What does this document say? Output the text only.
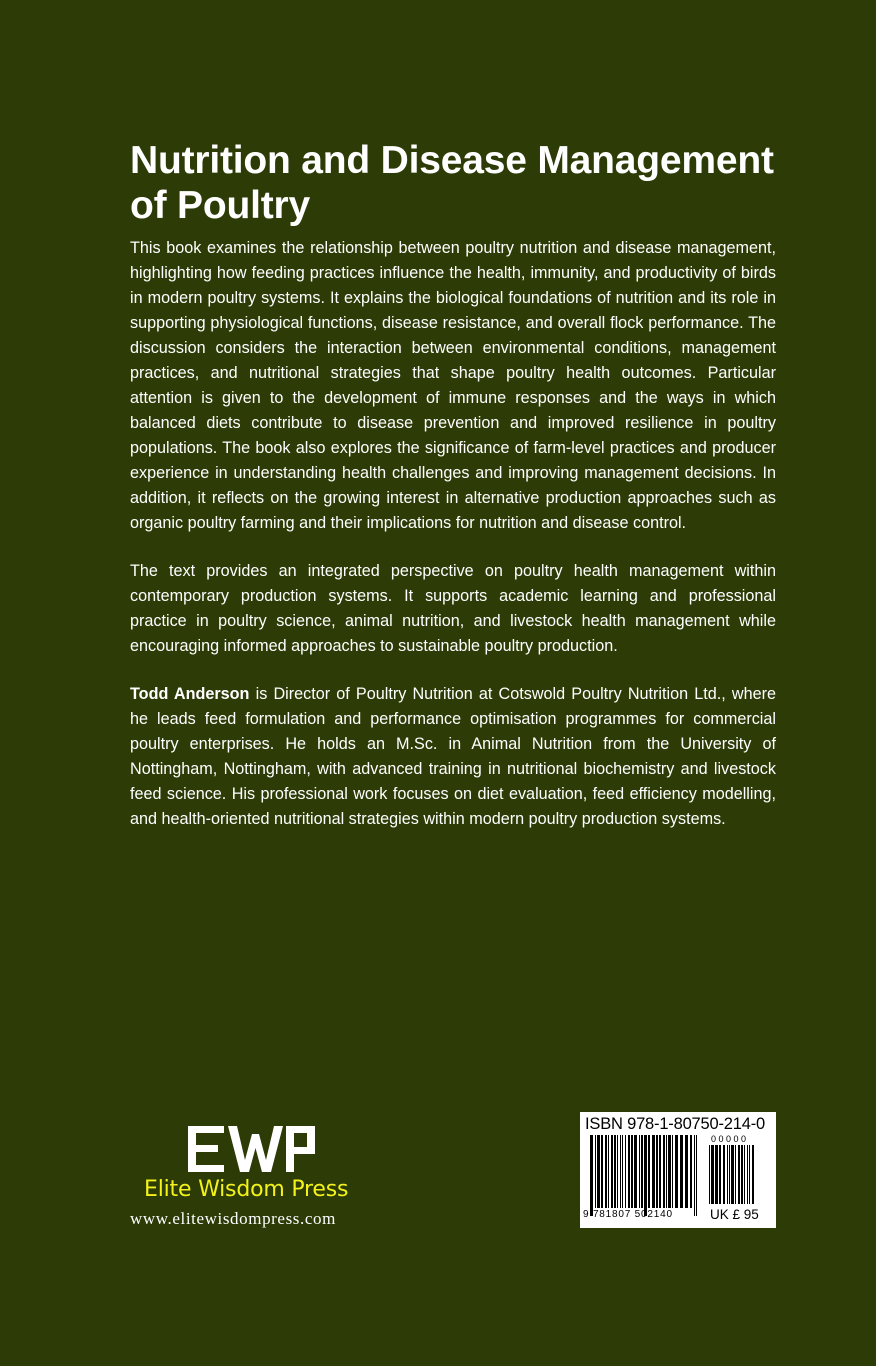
Nutrition and Disease Management
of Poultry

This book examines the relationship between poultry nutrition and disease management, highlighting how feeding practices influence the health, immunity, and productivity of birds in modern poultry systems. It explains the biological foundations of nutrition and its role in supporting physiological functions, disease resistance, and overall flock performance. The discussion considers the interaction between environmental conditions, management practices, and nutritional strategies that shape poultry health outcomes. Particular attention is given to the development of immune responses and the ways in which balanced diets contribute to disease prevention and improved resilience in poultry populations. The book also explores the significance of farm-level practices and producer experience in understanding health challenges and improving management decisions. In addition, it reflects on the growing interest in alternative production approaches such as organic poultry farming and their implications for nutrition and disease control.

The text provides an integrated perspective on poultry health management within contemporary production systems. It supports academic learning and professional practice in poultry science, animal nutrition, and livestock health management while encouraging informed approaches to sustainable poultry production.

Todd Anderson is Director of Poultry Nutrition at Cotswold Poultry Nutrition Ltd., where he leads feed formulation and performance optimisation programmes for commercial poultry enterprises. He holds an M.Sc. in Animal Nutrition from the University of Nottingham, Nottingham, with advanced training in nutritional biochemistry and livestock feed science. His professional work focuses on diet evaluation, feed efficiency modelling, and health-oriented nutritional strategies within modern poultry production systems.

Elite Wisdom Press
www.elitewisdompress.com
ISBN 978-1-80750-214-0
00000
9 781807 502140	UK £ 95
